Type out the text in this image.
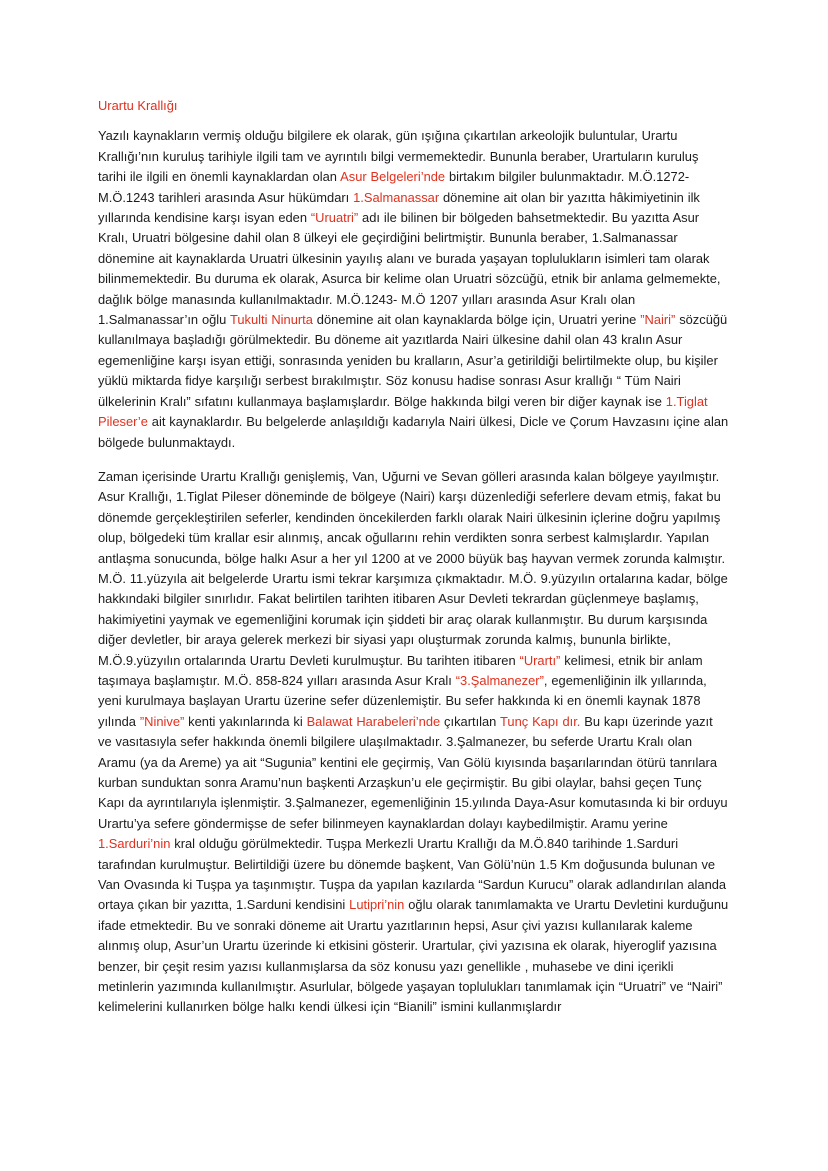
Urartu Krallığı

Yazılı kaynakların vermiş olduğu bilgilere ek olarak, gün ışığına çıkartılan arkeolojik buluntular, Urartu Krallığı’nın kuruluş tarihiyle ilgili tam ve ayrıntılı bilgi vermemektedir. Bununla beraber, Urartuların kuruluş tarihi ile ilgili en önemli kaynaklardan olan Asur Belgeleri’nde birtakım bilgiler bulunmaktadır. M.Ö.1272- M.Ö.1243 tarihleri arasında Asur hükümdarı 1.Salmanassar dönemine ait olan bir yazıtta hâkimiyetinin ilk yıllarında kendisine karşı isyan eden “Uruatri” adı ile bilinen bir bölgeden bahsetmektedir. Bu yazıtta Asur Kralı, Uruatri bölgesine dahil olan 8 ülkeyi ele geçirdiğini belirtmiştir. Bununla beraber, 1.Salmanassar dönemine ait kaynaklarda Uruatri ülkesinin yayılış alanı ve burada yaşayan toplulukların isimleri tam olarak bilinmemektedir. Bu duruma ek olarak, Asurca bir kelime olan Uruatri sözcüğü, etnik bir anlama gelmemekte, dağlık bölge manasında kullanılmaktadır. M.Ö.1243- M.Ö 1207 yılları arasında Asur Kralı olan 1.Salmanassar’ın oğlu Tukulti Ninurta dönemine ait olan kaynaklarda bölge için, Uruatri yerine ”Nairi” sözcüğü kullanılmaya başladığı görülmektedir. Bu döneme ait yazıtlarda Nairi ülkesine dahil olan 43 kralın Asur egemenliğine karşı isyan ettiği, sonrasında yeniden bu kralların, Asur’a getirildiği belirtilmekte olup, bu kişiler yüklü miktarda fidye karşılığı serbest bırakılmıştır. Söz konusu hadise sonrası Asur krallığı “ Tüm Nairi ülkelerinin Kralı” sıfatını kullanmaya başlamışlardır. Bölge hakkında bilgi veren bir diğer kaynak ise 1.Tiglat Pileser’e ait kaynaklardır. Bu belgelerde anlaşıldığı kadarıyla Nairi ülkesi, Dicle ve Çorum Havzasını içine alan bölgede bulunmaktaydı.

Zaman içerisinde Urartu Krallığı genişlemiş, Van, Uğurni ve Sevan gölleri arasında kalan bölgeye yayılmıştır. Asur Krallığı, 1.Tiglat Pileser döneminde de bölgeye (Nairi) karşı düzenlediği seferlere devam etmiş, fakat bu dönemde gerçekleştirilen seferler, kendinden öncekilerden farklı olarak Nairi ülkesinin içlerine doğru yapılmış olup, bölgedeki tüm krallar esir alınmış, ancak oğullarını rehin verdikten sonra serbest kalmışlardır. Yapılan antlaşma sonucunda, bölge halkı Asur a her yıl 1200 at ve 2000 büyük baş hayvan vermek zorunda kalmıştır. M.Ö. 11.yüzyıla ait belgelerde Urartu ismi tekrar karşımıza çıkmaktadır. M.Ö. 9.yüzyılın ortalarına kadar, bölge hakkındaki bilgiler sınırlıdır. Fakat belirtilen tarihten itibaren Asur Devleti tekrardan güçlenmeye başlamış, hakimiyetini yaymak ve egemenliğini korumak için şiddeti bir araç olarak kullanmıştır. Bu durum karşısında diğer devletler, bir araya gelerek merkezi bir siyasi yapı oluşturmak zorunda kalmış, bununla birlikte, M.Ö.9.yüzyılın ortalarında Urartu Devleti kurulmuştur. Bu tarihten itibaren “Urartı” kelimesi, etnik bir anlam taşımaya başlamıştır. M.Ö. 858-824 yılları arasında Asur Kralı “3.Şalmanezer”, egemenliğinin ilk yıllarında, yeni kurulmaya başlayan Urartu üzerine sefer düzenlemiştir. Bu sefer hakkında ki en önemli kaynak 1878 yılında ”Ninive” kenti yakınlarında ki Balawat Harabeleri’nde çıkartılan Tunç Kapı dır. Bu kapı üzerinde yazıt ve vasıtasıyla sefer hakkında önemli bilgilere ulaşılmaktadır. 3.Şalmanezer, bu seferde Urartu Kralı olan Aramu (ya da Areme) ya ait “Sugunia” kentini ele geçirmiş, Van Gölü kıyısında başarılarından ötürü tanrılara kurban sunduktan sonra Aramu’nun başkenti Arzaşkun’u ele geçirmiştir. Bu gibi olaylar, bahsi geçen Tunç Kapı da ayrıntılarıyla işlenmiştir. 3.Şalmanezer, egemenliğinin 15.yılında Daya-Asur komutasında ki bir orduyu Urartu’ya sefere göndermişse de sefer bilinmeyen kaynaklardan dolayı kaybedilmiştir. Aramu yerine 1.Sarduri’nin kral olduğu görülmektedir. Tuşpa Merkezli Urartu Krallığı da M.Ö.840 tarihinde 1.Sarduri tarafından kurulmuştur. Belirtildiği üzere bu dönemde başkent, Van Gölü’nün 1.5 Km doğusunda bulunan ve Van Ovasında ki Tuşpa ya taşınmıştır. Tuşpa da yapılan kazılarda “Sardun Kurucu” olarak adlandırılan alanda ortaya çıkan bir yazıtta, 1.Sarduni kendisini Lutipri’nin oğlu olarak tanımlamakta ve Urartu Devletini kurduğunu ifade etmektedir. Bu ve sonraki döneme ait Urartu yazıtlarının hepsi, Asur çivi yazısı kullanılarak kaleme alınmış olup, Asur’un Urartu üzerinde ki etkisini gösterir. Urartular, çivi yazısına ek olarak, hiyeroglif yazısına benzer, bir çeşit resim yazısı kullanmışlarsa da söz konusu yazı genellikle , muhasebe ve dini içerikli metinlerin yazımında kullanılmıştır. Asurlular, bölgede yaşayan toplulukları tanımlamak için “Uruatri” ve “Nairi” kelimelerini kullanırken bölge halkı kendi ülkesi için “Bianili” ismini kullanmışlardır
